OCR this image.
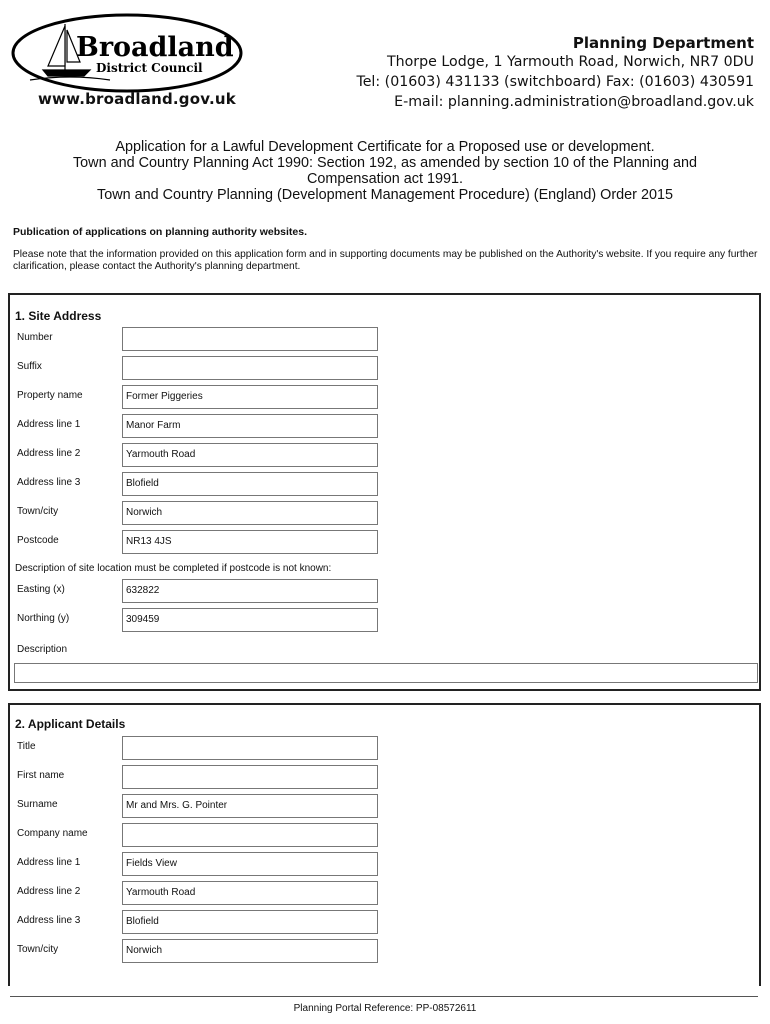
Broadland
District Council
www.broadland.gov.uk
Planning Department
Thorpe Lodge, 1 Yarmouth Road, Norwich, NR7 0DU
Tel: (01603) 431133 (switchboard) Fax: (01603) 430591
E-mail: planning.administration@broadland.gov.uk
Application for a Lawful Development Certificate for a Proposed use or development.
Town and Country Planning Act 1990: Section 192, as amended by section 10 of the Planning and
Compensation act 1991.
Town and Country Planning (Development Management Procedure) (England) Order 2015
Publication of applications on planning authority websites.
Please note that the information provided on this application form and in supporting documents may be published on the Authority's website. If you require any further clarification, please contact the Authority's planning department.
1. Site Address
Number
Suffix
Property name	Former Piggeries
Address line 1	Manor Farm
Address line 2	Yarmouth Road
Address line 3	Blofield
Town/city	Norwich
Postcode	NR13 4JS
Description of site location must be completed if postcode is not known:
Easting (x)	632822
Northing (y)	309459
Description
2. Applicant Details
Title
First name
Surname	Mr and Mrs. G. Pointer
Company name
Address line 1	Fields View
Address line 2	Yarmouth Road
Address line 3	Blofield
Town/city	Norwich
Planning Portal Reference: PP-08572611
